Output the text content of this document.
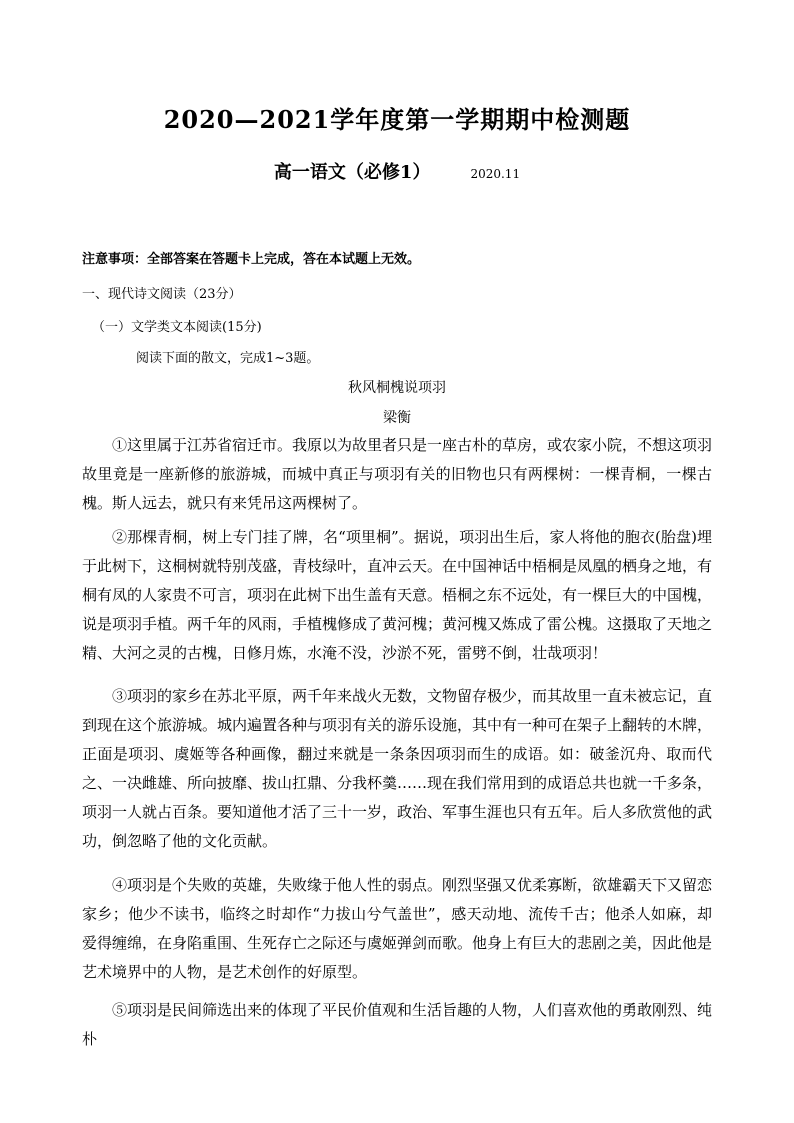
2020—2021学年度第一学期期中检测题
高一语文（必修1）	2020.11
注意事项：全部答案在答题卡上完成，答在本试题上无效。
一、现代诗文阅读（23分）
（一）文学类文本阅读(15分)
阅读下面的散文，完成1~3题。
秋风桐槐说项羽
梁衡

①这里属于江苏省宿迁市。我原以为故里者只是一座古朴的草房，或农家小院，不想这项羽故里竟是一座新修的旅游城，而城中真正与项羽有关的旧物也只有两棵树：一棵青桐，一棵古槐。斯人远去，就只有来凭吊这两棵树了。

②那棵青桐，树上专门挂了牌，名“项里桐”。据说，项羽出生后，家人将他的胞衣(胎盘)埋于此树下，这桐树就特别茂盛，青枝绿叶，直冲云天。在中国神话中梧桐是凤凰的栖身之地，有桐有凤的人家贵不可言，项羽在此树下出生盖有天意。梧桐之东不远处，有一棵巨大的中国槐，说是项羽手植。两千年的风雨，手植槐修成了黄河槐；黄河槐又炼成了雷公槐。这摄取了天地之精、大河之灵的古槐，日修月炼，水淹不没，沙淤不死，雷劈不倒，壮哉项羽！

③项羽的家乡在苏北平原，两千年来战火无数，文物留存极少，而其故里一直未被忘记，直到现在这个旅游城。城内遍置各种与项羽有关的游乐设施，其中有一种可在架子上翻转的木牌，正面是项羽、虞姬等各种画像，翻过来就是一条条因项羽而生的成语。如：破釜沉舟、取而代之、一决雌雄、所向披靡、拔山扛鼎、分我杯羹……现在我们常用到的成语总共也就一千多条，项羽一人就占百条。要知道他才活了三十一岁，政治、军事生涯也只有五年。后人多欣赏他的武功，倒忽略了他的文化贡献。

④项羽是个失败的英雄，失败缘于他人性的弱点。刚烈坚强又优柔寡断，欲雄霸天下又留恋家乡；他少不读书，临终之时却作“力拔山兮气盖世”，感天动地、流传千古；他杀人如麻，却爱得缠绵，在身陷重围、生死存亡之际还与虞姬弹剑而歌。他身上有巨大的悲剧之美，因此他是艺术境界中的人物，是艺术创作的好原型。

⑤项羽是民间筛选出来的体现了平民价值观和生活旨趣的人物，人们喜欢他的勇敢刚烈、纯朴
